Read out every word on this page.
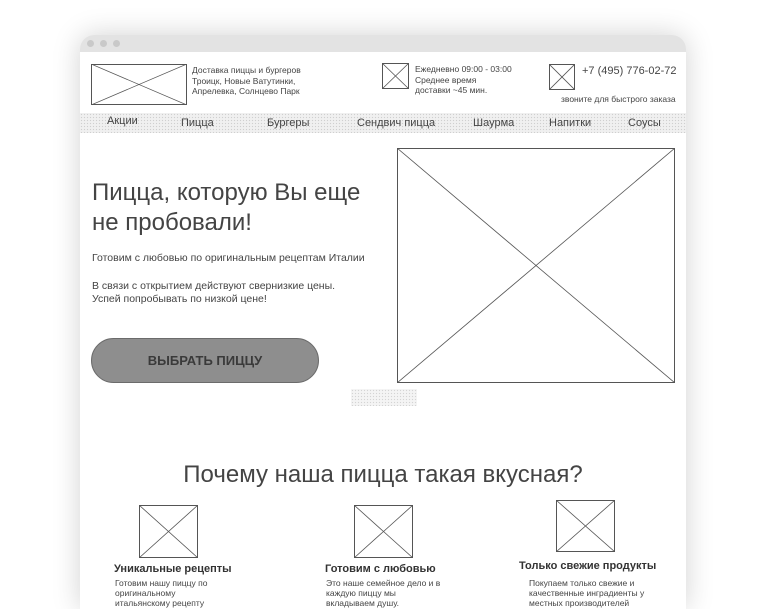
Доставка пиццы и бургеров
Троицк, Новые Ватутинки,
Апрелевка, Солнцево Парк
Ежедневно 09:00 - 03:00
Среднее время
доставки ~45 мин.
+7 (495) 776-02-72
звоните для быстрого заказа
Акции	Пицца	Бургеры	Сендвич пицца	Шаурма	Напитки	Соусы
Пицца, которую Вы еще не пробовали!
Готовим с любовью по оригинальным рецептам Италии
В связи с открытием действуют свернизкие цены.
Успей попробывать по низкой цене!
ВЫБРАТЬ ПИЦЦУ
Почему наша пицца такая вкусная?
Уникальные рецепты
Готовим нашу пиццу по
оригинальному
итальянскому рецепту
Готовим с любовью
Это наше семейное дело и в
каждую пиццу мы
вкладываем душу.
Только свежие продукты
Покупаем только свежие и
качественные инградиенты у
местных производителей
